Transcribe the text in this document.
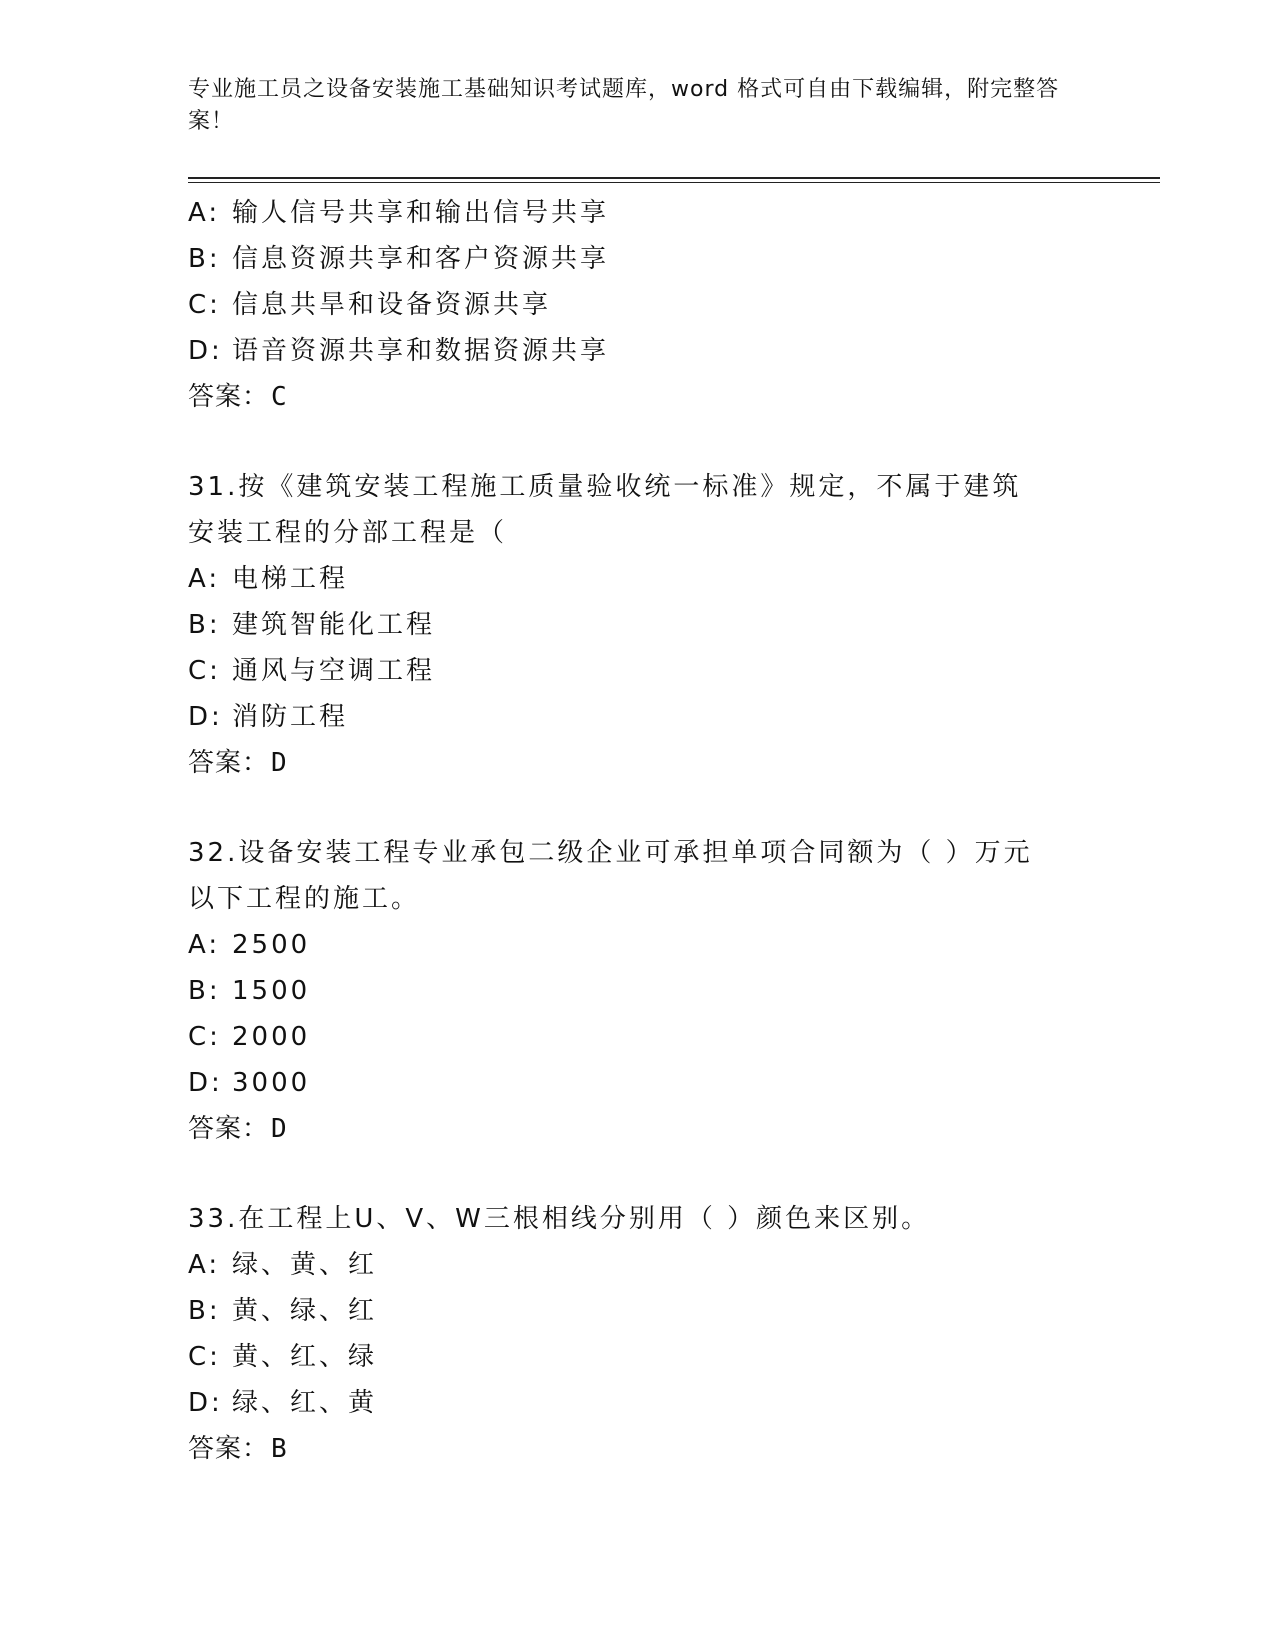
专业施工员之设备安装施工基础知识考试题库，word 格式可自由下载编辑，附完整答案！
A: 输人信号共享和输出信号共享
B: 信息资源共享和客户资源共享
C: 信息共旱和设备资源共享
D: 语音资源共享和数据资源共享
答案：C
31.按《建筑安装工程施工质量验收统一标准》规定，不属于建筑安装工程的分部工程是（
A: 电梯工程
B: 建筑智能化工程
C: 通风与空调工程
D: 消防工程
答案：D
32.设备安装工程专业承包二级企业可承担单项合同额为（ ）万元以下工程的施工。
A: 2500
B: 1500
C: 2000
D: 3000
答案：D
33.在工程上U、V、W三根相线分别用（ ）颜色来区别。
A: 绿、黄、红
B: 黄、绿、红
C: 黄、红、绿
D: 绿、红、黄
答案：B
